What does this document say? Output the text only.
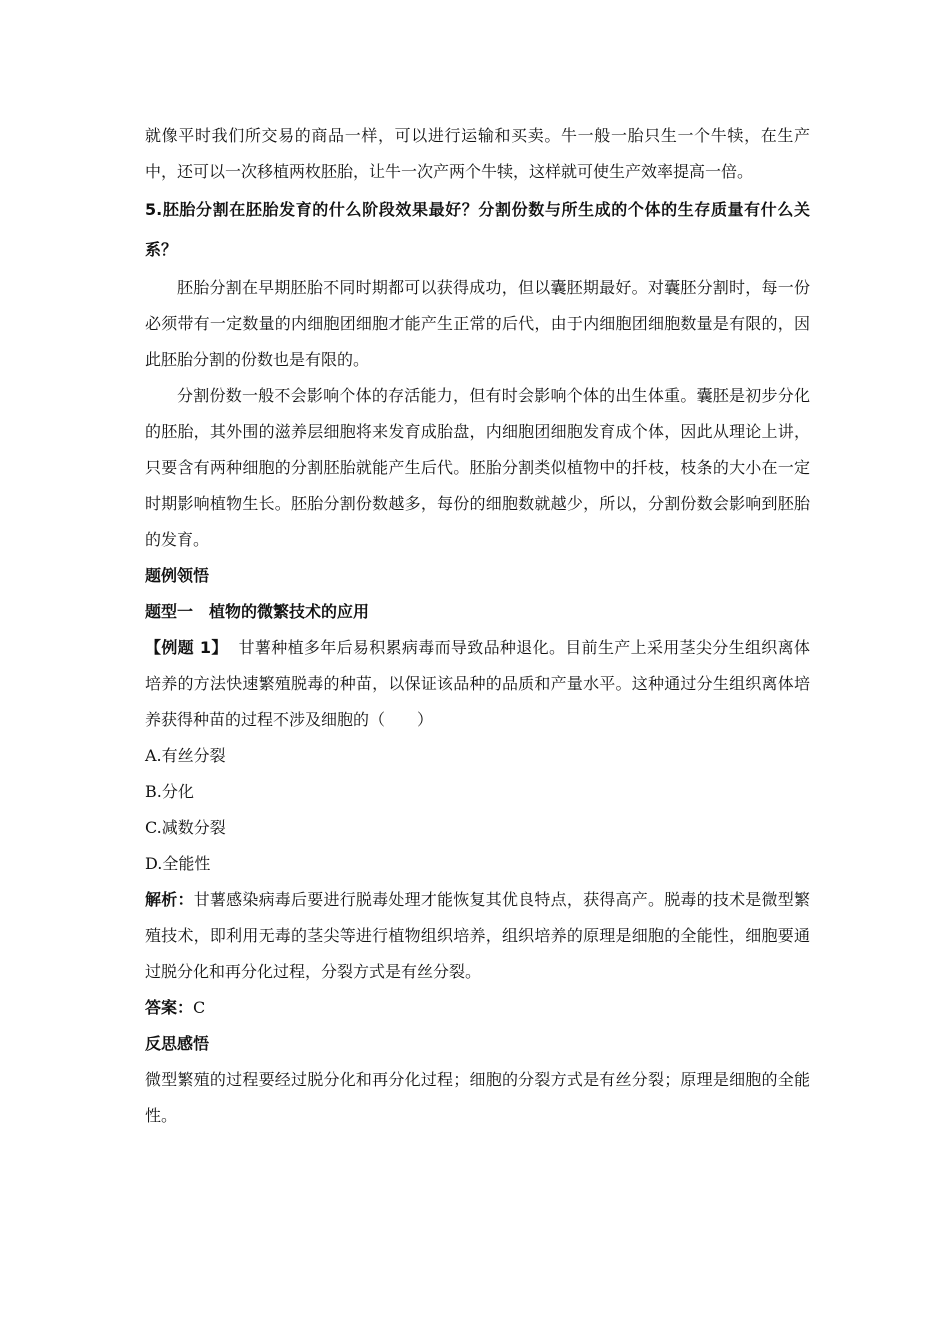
就像平时我们所交易的商品一样，可以进行运输和买卖。牛一般一胎只生一个牛犊，在生产中，还可以一次移植两枚胚胎，让牛一次产两个牛犊，这样就可使生产效率提高一倍。

5.胚胎分割在胚胎发育的什么阶段效果最好？分割份数与所生成的个体的生存质量有什么关系？

胚胎分割在早期胚胎不同时期都可以获得成功，但以囊胚期最好。对囊胚分割时，每一份必须带有一定数量的内细胞团细胞才能产生正常的后代，由于内细胞团细胞数量是有限的，因此胚胎分割的份数也是有限的。

分割份数一般不会影响个体的存活能力，但有时会影响个体的出生体重。囊胚是初步分化的胚胎，其外围的滋养层细胞将来发育成胎盘，内细胞团细胞发育成个体，因此从理论上讲，只要含有两种细胞的分割胚胎就能产生后代。胚胎分割类似植物中的扦枝，枝条的大小在一定时期影响植物生长。胚胎分割份数越多，每份的细胞数就越少，所以，分割份数会影响到胚胎的发育。

题例领悟

题型一　植物的微繁技术的应用

【例题 1】 甘薯种植多年后易积累病毒而导致品种退化。目前生产上采用茎尖分生组织离体培养的方法快速繁殖脱毒的种苗，以保证该品种的品质和产量水平。这种通过分生组织离体培养获得种苗的过程不涉及细胞的（　　）

A.有丝分裂

B.分化

C.减数分裂

D.全能性

解析：甘薯感染病毒后要进行脱毒处理才能恢复其优良特点，获得高产。脱毒的技术是微型繁殖技术，即利用无毒的茎尖等进行植物组织培养，组织培养的原理是细胞的全能性，细胞要通过脱分化和再分化过程，分裂方式是有丝分裂。

答案：C

反思感悟

微型繁殖的过程要经过脱分化和再分化过程；细胞的分裂方式是有丝分裂；原理是细胞的全能性。
